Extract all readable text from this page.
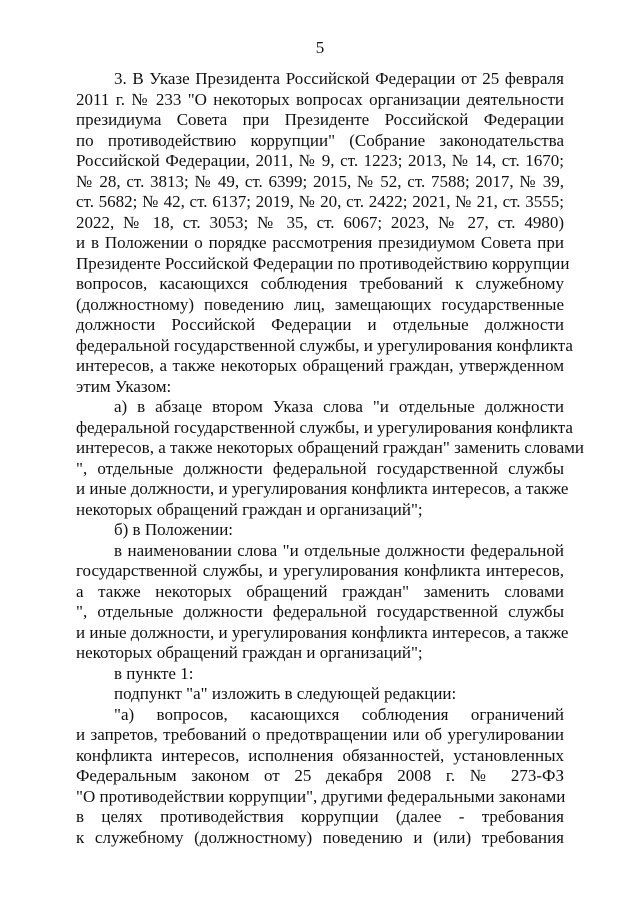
5
3. В Указе Президента Российской Федерации от 25 февраля
2011 г. № 233 "О некоторых вопросах организации деятельности
президиума Совета при Президенте Российской Федерации
по противодействию коррупции" (Собрание законодательства
Российской Федерации, 2011, № 9, ст. 1223; 2013, № 14, ст. 1670;
№ 28, ст. 3813; № 49, ст. 6399; 2015, № 52, ст. 7588; 2017, № 39,
ст. 5682; № 42, ст. 6137; 2019, № 20, ст. 2422; 2021, № 21, ст. 3555;
2022, № 18, ст. 3053; № 35, ст. 6067; 2023, № 27, ст. 4980)
и в Положении о порядке рассмотрения президиумом Совета при
Президенте Российской Федерации по противодействию коррупции
вопросов, касающихся соблюдения требований к служебному
(должностному) поведению лиц, замещающих государственные
должности Российской Федерации и отдельные должности
федеральной государственной службы, и урегулирования конфликта
интересов, а также некоторых обращений граждан, утвержденном
этим Указом:
а) в абзаце втором Указа слова "и отдельные должности
федеральной государственной службы, и урегулирования конфликта
интересов, а также некоторых обращений граждан" заменить словами
", отдельные должности федеральной государственной службы
и иные должности, и урегулирования конфликта интересов, а также
некоторых обращений граждан и организаций";
б) в Положении:
в наименовании слова "и отдельные должности федеральной
государственной службы, и урегулирования конфликта интересов,
а также некоторых обращений граждан" заменить словами
", отдельные должности федеральной государственной службы
и иные должности, и урегулирования конфликта интересов, а также
некоторых обращений граждан и организаций";
в пункте 1:
подпункт "а" изложить в следующей редакции:
"а) вопросов, касающихся соблюдения ограничений
и запретов, требований о предотвращении или об урегулировании
конфликта интересов, исполнения обязанностей, установленных
Федеральным законом от 25 декабря 2008 г. № 273-ФЗ
"О противодействии коррупции", другими федеральными законами
в целях противодействия коррупции (далее - требования
к служебному (должностному) поведению и (или) требования
